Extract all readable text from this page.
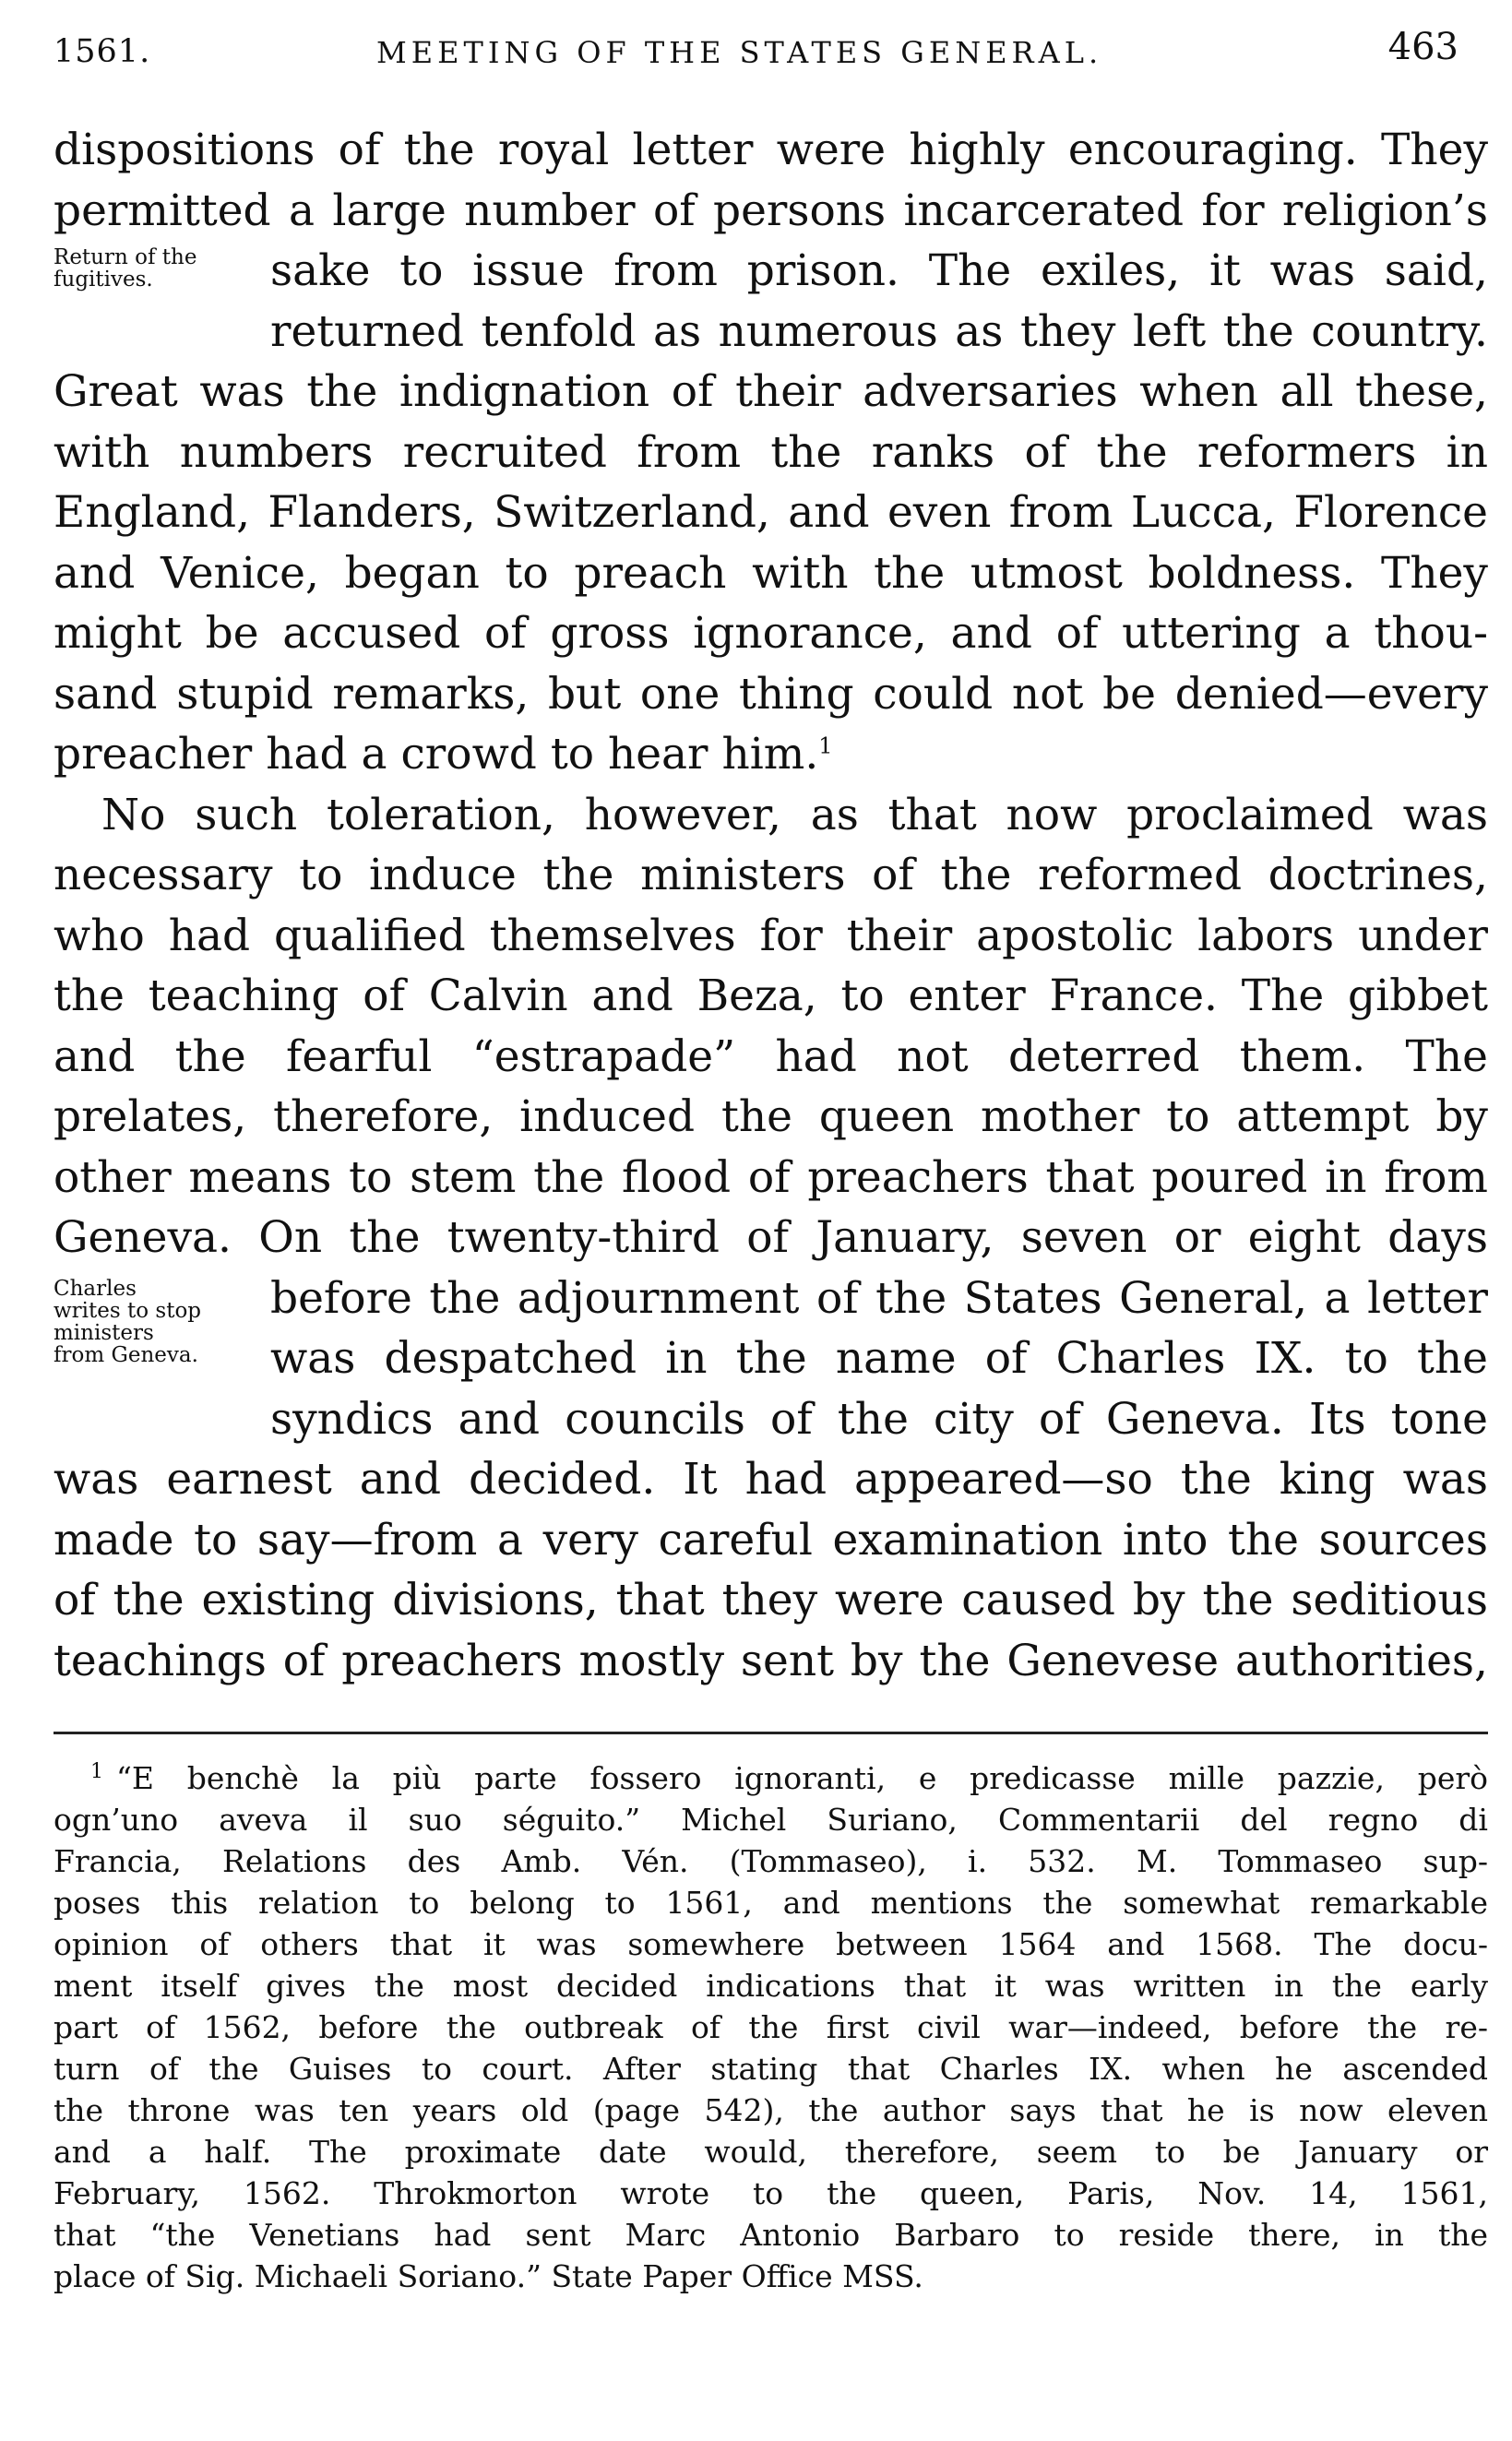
1561.	MEETING OF THE STATES GENERAL.	463
dispositions of the royal letter were highly encouraging. They
permitted a large number of persons incarcerated for religion’s
Return of the
fugitives.	sake to issue from prison. The exiles, it was said,
returned tenfold as numerous as they left the country.
Great was the indignation of their adversaries when all these,
with numbers recruited from the ranks of the reformers in
England, Flanders, Switzerland, and even from Lucca, Florence
and Venice, began to preach with the utmost boldness. They
might be accused of gross ignorance, and of uttering a thou-
sand stupid remarks, but one thing could not be denied—every
preacher had a crowd to hear him.$^1$
No such toleration, however, as that now proclaimed was
necessary to induce the ministers of the reformed doctrines,
who had qualified themselves for their apostolic labors under
the teaching of Calvin and Beza, to enter France. The gibbet
and the fearful “estrapade” had not deterred them. The
prelates, therefore, induced the queen mother to attempt by
other means to stem the flood of preachers that poured in from
Geneva. On the twenty-third of January, seven or eight days
Charles
writes to stop
ministers
from Geneva.
before the adjournment of the States General, a letter
was despatched in the name of Charles IX. to the
syndics and councils of the city of Geneva. Its tone
was earnest and decided. It had appeared—so the king was
made to say—from a very careful examination into the sources
of the existing divisions, that they were caused by the seditious
teachings of preachers mostly sent by the Genevese authorities,
$^1$ “E benchè la più parte fossero ignoranti, e predicasse mille pazzie, però
ogn’uno aveva il suo séguito.” Michel Suriano, Commentarii del regno di
Francia, Relations des Amb. Vén. (Tommaseo), i. 532. M. Tommaseo sup-
poses this relation to belong to 1561, and mentions the somewhat remarkable
opinion of others that it was somewhere between 1564 and 1568. The docu-
ment itself gives the most decided indications that it was written in the early
part of 1562, before the outbreak of the first civil war—indeed, before the re-
turn of the Guises to court. After stating that Charles IX. when he ascended
the throne was ten years old (page 542), the author says that he is now eleven
and a half. The proximate date would, therefore, seem to be January or
February, 1562. Throkmorton wrote to the queen, Paris, Nov. 14, 1561,
that “the Venetians had sent Marc Antonio Barbaro to reside there, in the
place of Sig. Michaeli Soriano.” State Paper Office MSS.
